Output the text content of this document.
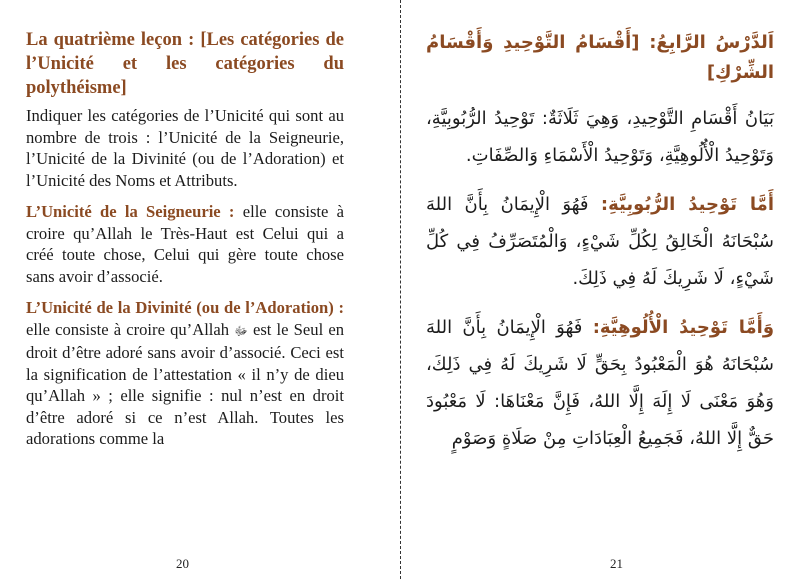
La quatrième leçon : [Les catégories de l’Unicité et les catégories du polythéisme]

Indiquer les catégories de l’Unicité qui sont au nombre de trois : l’Unicité de la Seigneurie, l’Unicité de la Divinité (ou de l’Adoration) et l’Unicité des Noms et Attributs.

L’Unicité de la Seigneurie : elle consiste à croire qu’Allah le Très-Haut est Celui qui a créé toute chose, Celui qui gère toute chose sans avoir d’associé.

L’Unicité de la Divinité (ou de l’Adoration) : elle consiste à croire qu’Allah ﷻ est le Seul en droit d’être adoré sans avoir d’associé. Ceci est la signification de l’attestation « il n’y de dieu qu’Allah » ; elle signifie : nul n’est en droit d’être adoré si ce n’est Allah. Toutes les adorations comme la

20
اَلدَّرْسُ الرَّابِعُ: [أَقْسَامُ التَّوْحِيدِ وَأَقْسَامُ الشِّرْكِ]

بَيَانُ أَقْسَامِ التَّوْحِيدِ، وَهِيَ ثَلَاثَةٌ: تَوْحِيدُ الرُّبُوبِيَّةِ، وَتَوْحِيدُ الْأُلُوهِيَّةِ، وَتَوْحِيدُ الْأَسْمَاءِ وَالصِّفَاتِ.

أَمَّا تَوْحِيدُ الرُّبُوبِيَّةِ: فَهُوَ الْإِيمَانُ بِأَنَّ اللهَ سُبْحَانَهُ الْخَالِقُ لِكُلِّ شَيْءٍ، وَالْمُتَصَرِّفُ فِي كُلِّ شَيْءٍ، لَا شَرِيكَ لَهُ فِي ذَلِكَ.

وَأَمَّا تَوْحِيدُ الْأُلُوهِيَّةِ: فَهُوَ الْإِيمَانُ بِأَنَّ اللهَ سُبْحَانَهُ هُوَ الْمَعْبُودُ بِحَقٍّ لَا شَرِيكَ لَهُ فِي ذَلِكَ، وَهُوَ مَعْنَى لَا إِلَهَ إِلَّا اللهُ، فَإِنَّ مَعْنَاهَا: لَا مَعْبُودَ حَقٌّ إِلَّا اللهُ، فَجَمِيعُ الْعِبَادَاتِ مِنْ صَلَاةٍ وَصَوْمٍ

21
